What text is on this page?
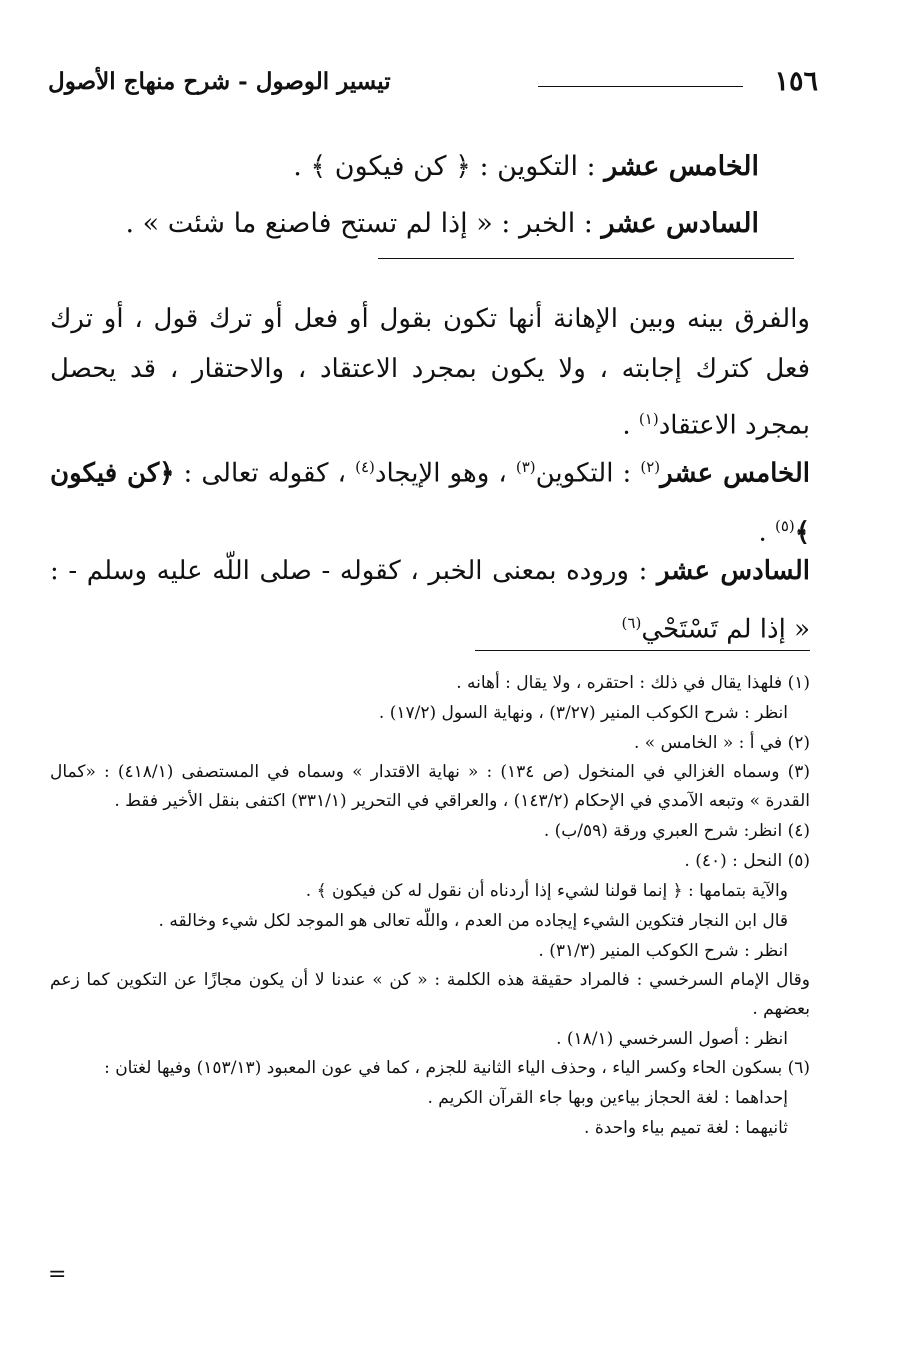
١٥٦
تيسير الوصول - شرح منهاج الأصول
الخامس عشر : التكوين : ﴿ كن فيكون ﴾ .
السادس عشر : الخبر : « إذا لم تستح فاصنع ما شئت » .

والفرق بينه وبين الإهانة أنها تكون بقول أو فعل أو ترك قول ، أو ترك فعل كترك إجابته ، ولا يكون بمجرد الاعتقاد ، والاحتقار ، قد يحصل بمجرد الاعتقاد$^{(١)}$ .

الخامس عشر$^{(٢)}$ : التكوين$^{(٣)}$ ، وهو الإيجاد$^{(٤)}$ ، كقوله تعالى : ﴿كن فيكون ﴾$^{(٥)}$ .

السادس عشر : وروده بمعنى الخبر ، كقوله - صلى اللّه عليه وسلم - : « إذا لم تَسْتَحْي$^{(٦)}$

(١) فلهذا يقال في ذلك : احتقره ، ولا يقال : أهانه .

انظر : شرح الكوكب المنير (٣/٢٧) ، ونهاية السول (١٧/٢) .

(٢) في أ : « الخامس » .

(٣) وسماه الغزالي في المنخول (ص ١٣٤) : « نهاية الاقتدار » وسماه في المستصفى (٤١٨/١) : «كمال القدرة » وتبعه الآمدي في الإحكام (١٤٣/٢) ، والعراقي في التحرير (٣٣١/١) اكتفى بنقل الأخير فقط .

(٤) انظر: شرح العبري ورقة (٥٩/ب) .

(٥) النحل : (٤٠) .

والآية بتمامها : ﴿ إنما قولنا لشيء إذا أردناه أن نقول له كن فيكون ﴾ .

قال ابن النجار فتكوين الشيء إيجاده من العدم ، واللّه تعالى هو الموجد لكل شيء وخالقه .

انظر : شرح الكوكب المنير (٣١/٣) .

وقال الإمام السرخسي : فالمراد حقيقة هذه الكلمة : « كن » عندنا لا أن يكون مجازًا عن التكوين كما زعم بعضهم .

انظر : أصول السرخسي (١٨/١) .

(٦) بسكون الحاء وكسر الياء ، وحذف الياء الثانية للجزم ، كما في عون المعبود (١٥٣/١٣) وفيها لغتان :

إحداهما : لغة الحجاز بياءين وبها جاء القرآن الكريم .

ثانيهما : لغة تميم بياء واحدة .

=
